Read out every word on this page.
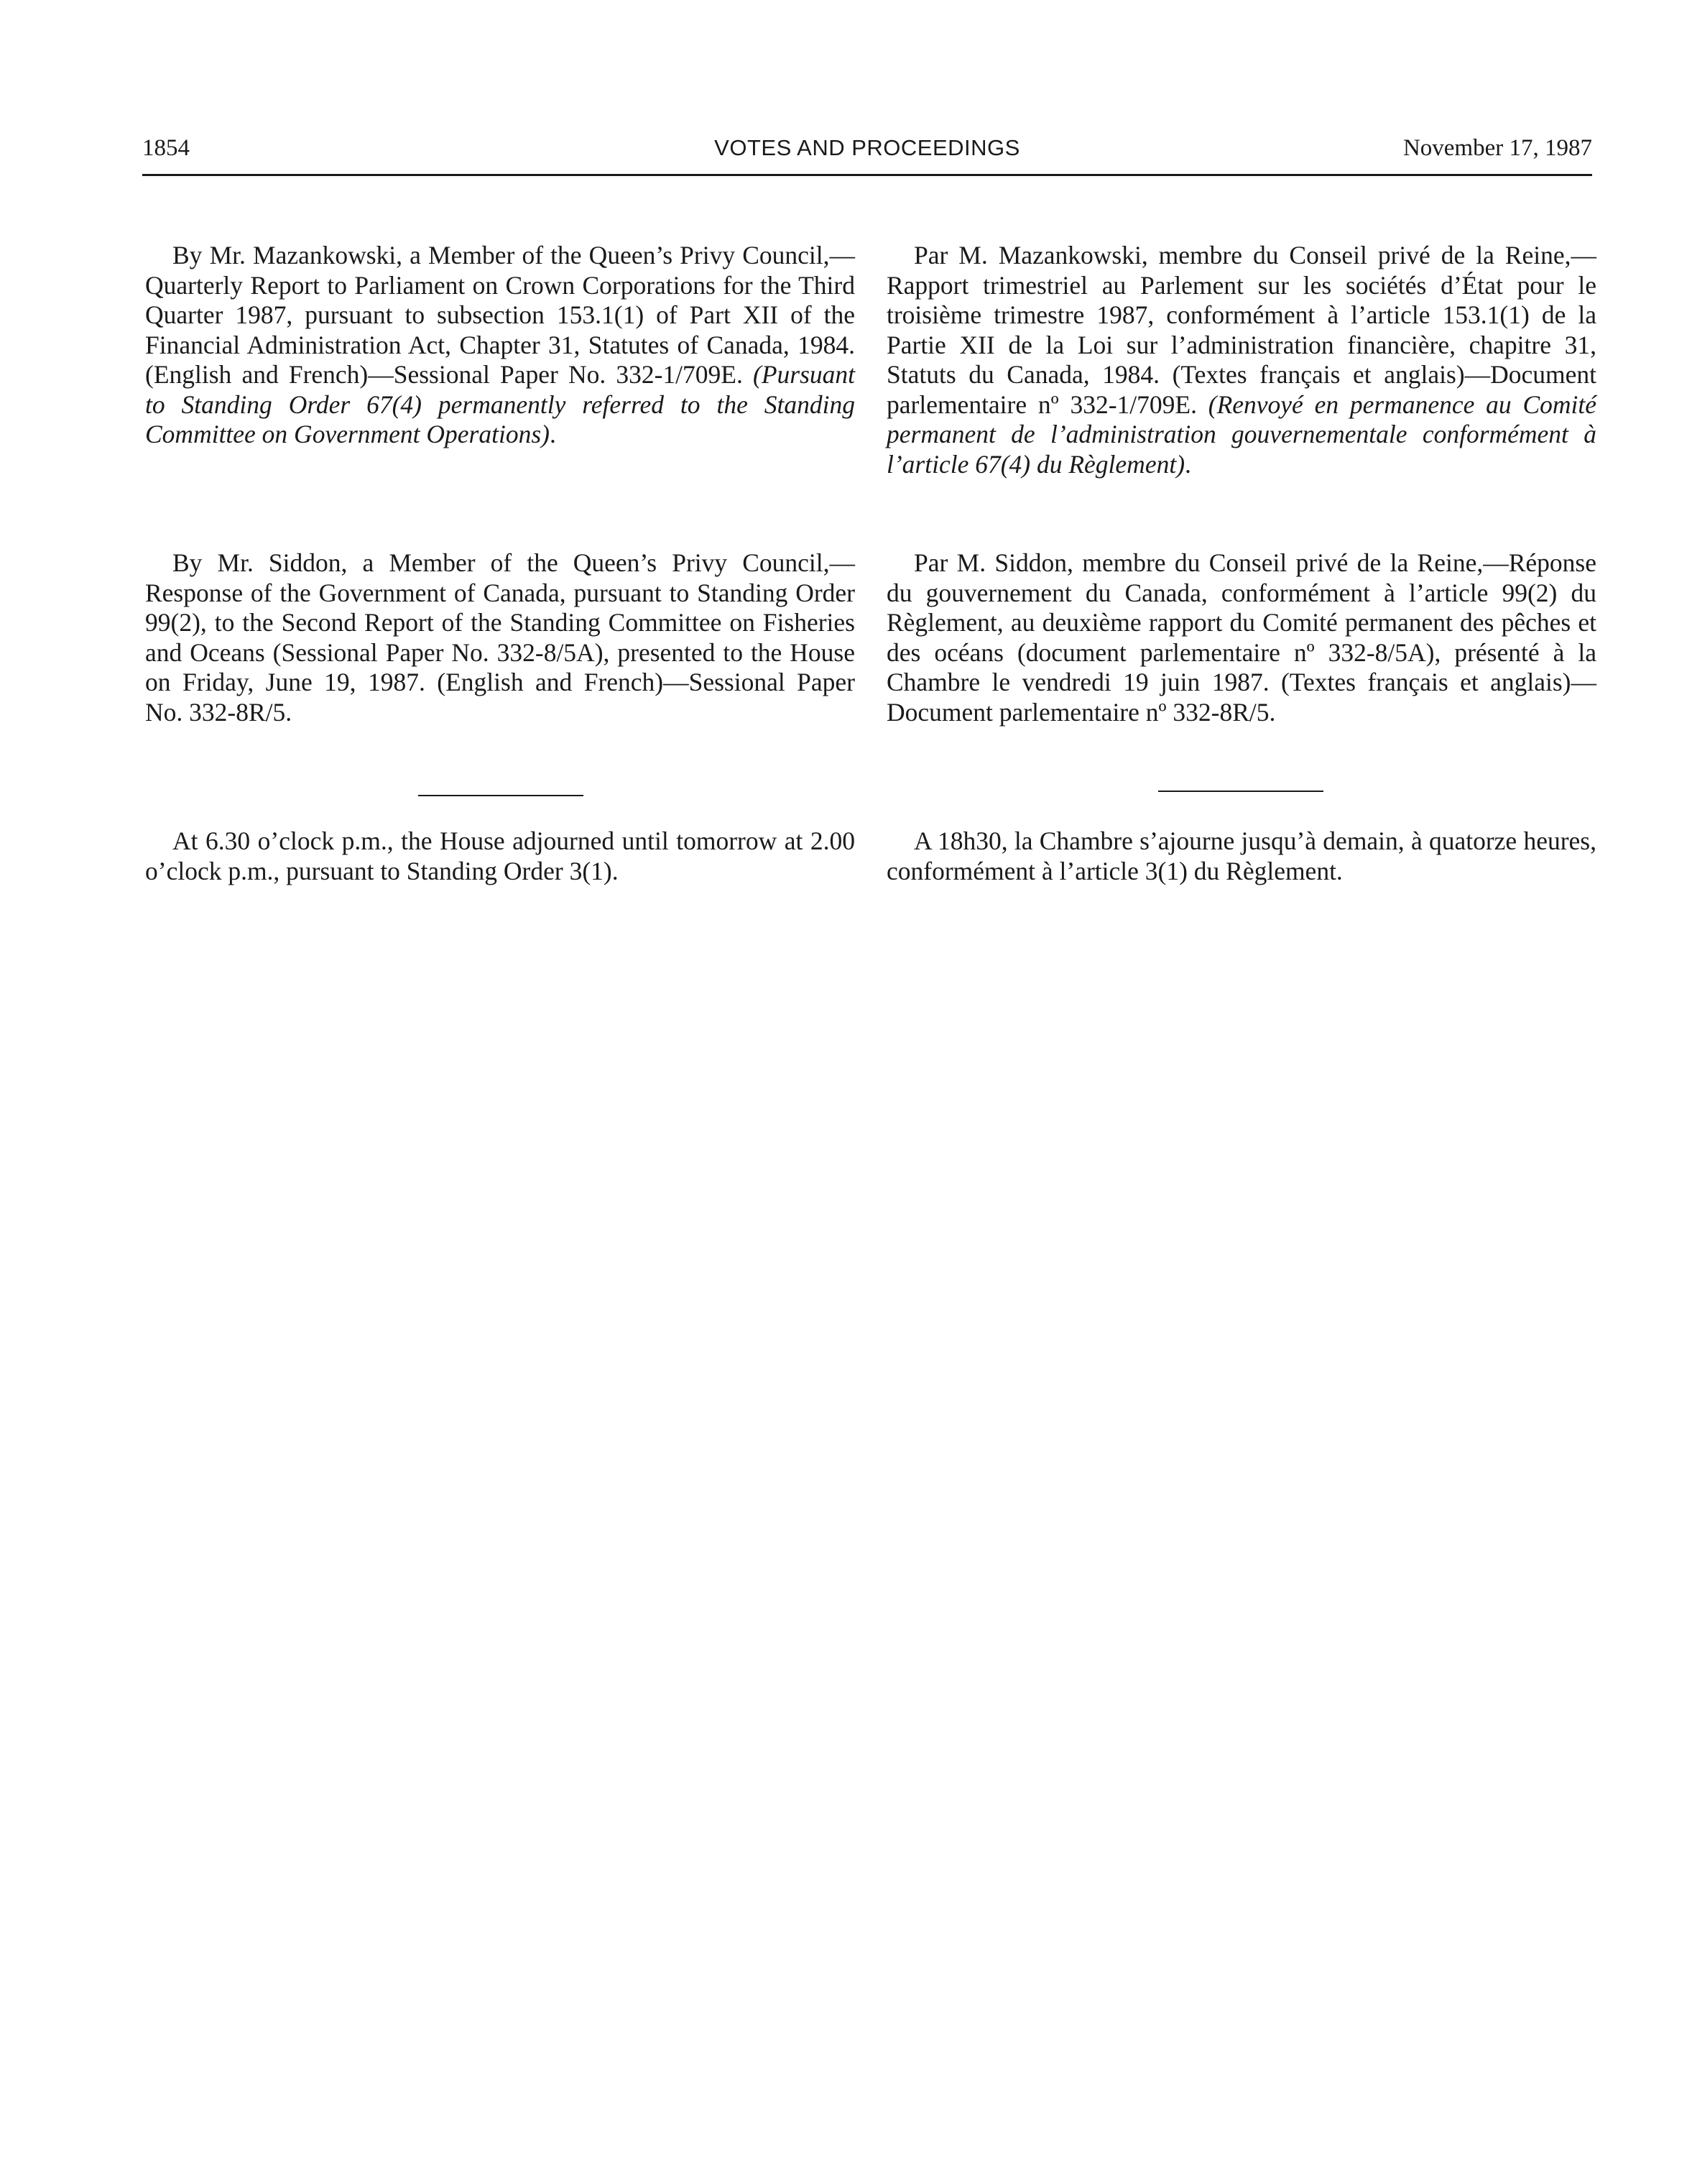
1854	VOTES AND PROCEEDINGS	November 17, 1987

By Mr. Mazankowski, a Member of the Queen’s Privy Council,—Quarterly Report to Parliament on Crown Corporations for the Third Quarter 1987, pursuant to subsection 153.1(1) of Part XII of the Financial Administration Act, Chapter 31, Statutes of Canada, 1984. (English and French)—Sessional Paper No. 332-1/709E. (Pursuant to Standing Order 67(4) permanently referred to the Standing Committee on Government Operations).

By Mr. Siddon, a Member of the Queen’s Privy Council,—Response of the Government of Canada, pursuant to Standing Order 99(2), to the Second Report of the Standing Committee on Fisheries and Oceans (Sessional Paper No. 332-8/5A), presented to the House on Friday, June 19, 1987. (English and French)—Sessional Paper No. 332-8R/5.

At 6.30 o’clock p.m., the House adjourned until tomorrow at 2.00 o’clock p.m., pursuant to Standing Order 3(1).

Par M. Mazankowski, membre du Conseil privé de la Reine,—Rapport trimestriel au Parlement sur les sociétés d’État pour le troisième trimestre 1987, conformément à l’article 153.1(1) de la Partie XII de la Loi sur l’administration financière, chapitre 31, Statuts du Canada, 1984. (Textes français et anglais)—Document parlementaire nº 332-1/709E. (Renvoyé en permanence au Comité permanent de l’administration gouvernementale conformément à l’article 67(4) du Règlement).

Par M. Siddon, membre du Conseil privé de la Reine,—Réponse du gouvernement du Canada, conformément à l’article 99(2) du Règlement, au deuxième rapport du Comité permanent des pêches et des océans (document parlementaire nº 332-8/5A), présenté à la Chambre le vendredi 19 juin 1987. (Textes français et anglais)—Document parlementaire nº 332-8R/5.

A 18h30, la Chambre s’ajourne jusqu’à demain, à quatorze heures, conformément à l’article 3(1) du Règlement.
